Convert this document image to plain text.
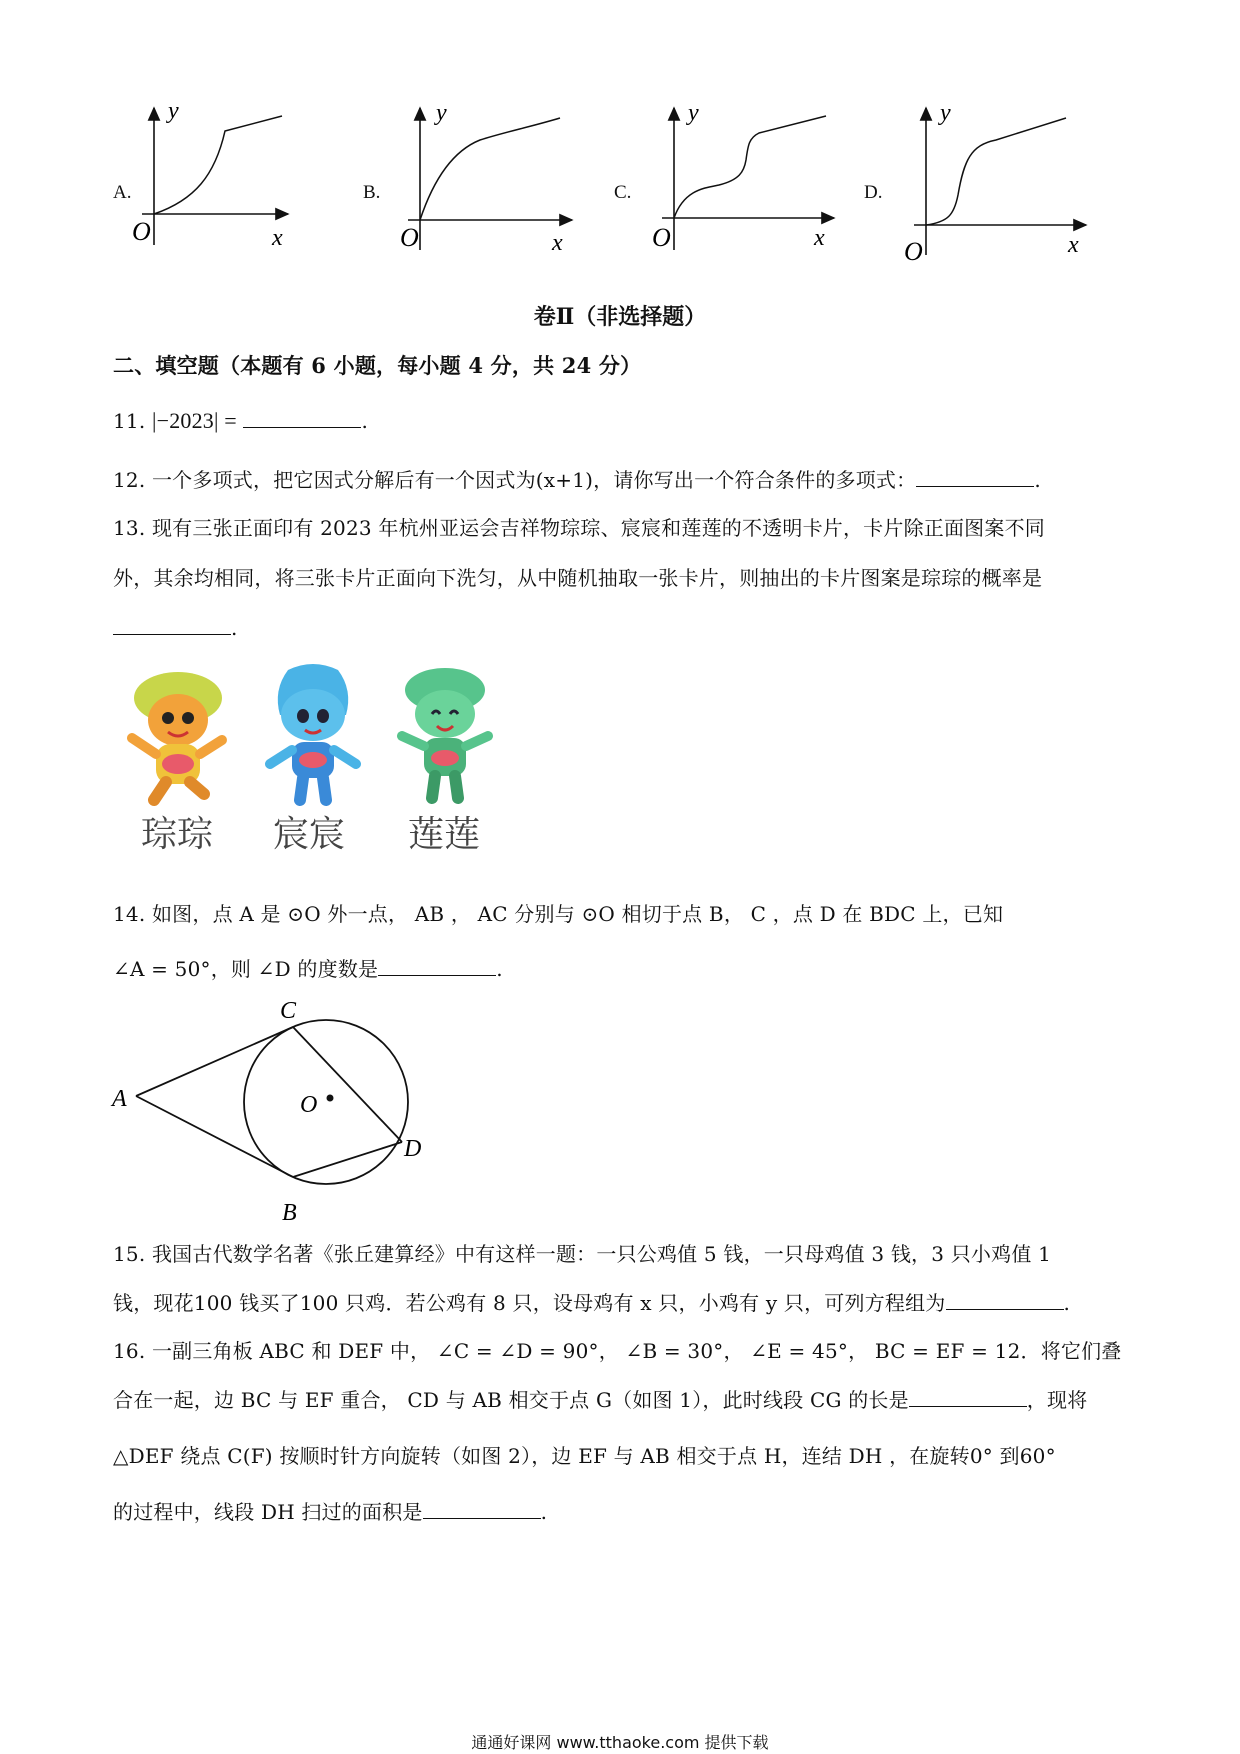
A.
y
x
O
B.
y
x
O
C.
y
x
O
D.
y
x
O
卷Ⅱ（非选择题）
二、填空题（本题有 6 小题，每小题 4 分，共 24 分）
11. |−2023| =	.
12. 一个多项式，把它因式分解后有一个因式为(x+1)，请你写出一个符合条件的多项式：	.
13. 现有三张正面印有 2023 年杭州亚运会吉祥物琮琮、宸宸和莲莲的不透明卡片，卡片除正面图案不同
外，其余均相同，将三张卡片正面向下洗匀，从中随机抽取一张卡片，则抽出的卡片图案是琮琮的概率是
.
琮琮 宸宸 莲莲
14. 如图，点 A 是 ⊙O 外一点， AB ， AC 分别与 ⊙O 相切于点 B， C ，点 D 在 BDC 上，已知
∠A = 50°，则 ∠D 的度数是	.
A
B
C
D
O
15. 我国古代数学名著《张丘建算经》中有这样一题：一只公鸡值 5 钱，一只母鸡值 3 钱，3 只小鸡值 1
钱，现花100 钱买了100 只鸡．若公鸡有 8 只，设母鸡有 x 只，小鸡有 y 只，可列方程组为	.
16. 一副三角板 ABC 和 DEF 中， ∠C = ∠D = 90°， ∠B = 30°， ∠E = 45°， BC = EF = 12．将它们叠
合在一起，边 BC 与 EF 重合， CD 与 AB 相交于点 G（如图 1），此时线段 CG 的长是	，现将
△DEF 绕点 C(F) 按顺时针方向旋转（如图 2），边 EF 与 AB 相交于点 H，连结 DH ，在旋转0° 到60°
的过程中，线段 DH 扫过的面积是	.
通通好课网 www.tthaoke.com 提供下载
